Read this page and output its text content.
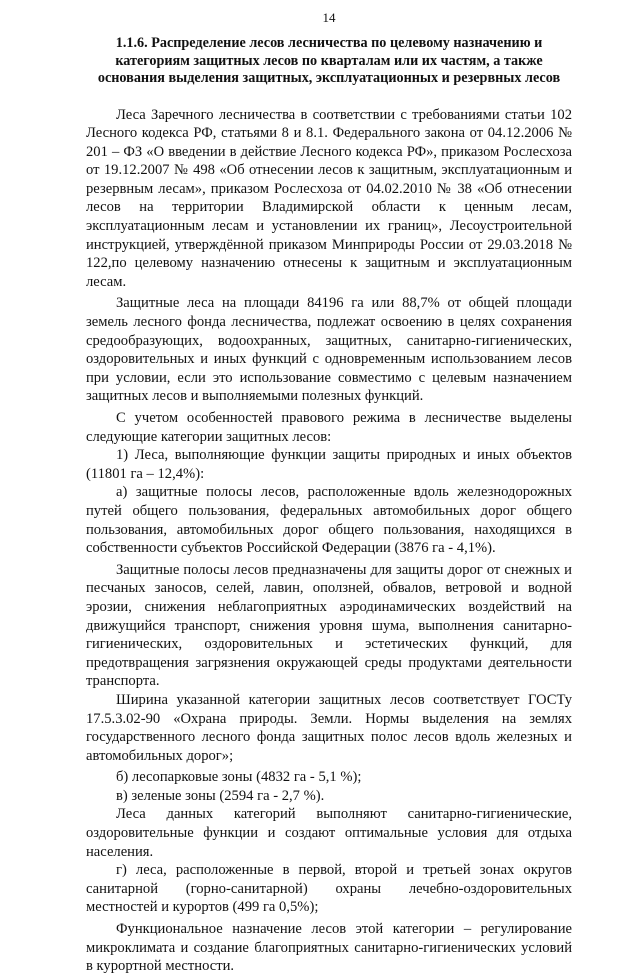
14
1.1.6. Распределение лесов лесничества по целевому назначению и категориям защитных лесов по кварталам или их частям, а также основания выделения защитных, эксплуатационных и резервных лесов

Леса Заречного лесничества в соответствии с требованиями статьи 102 Лесного кодекса РФ, статьями 8 и 8.1. Федерального закона от 04.12.2006 № 201 – ФЗ «О введении в действие Лесного кодекса РФ», приказом Рослесхоза от 19.12.2007 № 498 «Об отнесении лесов к защитным, эксплуатационным и резервным лесам», приказом Рослесхоза от 04.02.2010 № 38 «Об отнесении лесов на территории Владимирской области к ценным лесам, эксплуатационным лесам и установлении их границ», Лесоустроительной инструкцией, утверждённой приказом Минприроды России от 29.03.2018 № 122,по целевому назначению отнесены к защитным и эксплуатационным лесам.

Защитные леса на площади 84196 га или 88,7% от общей площади земель лесного фонда лесничества, подлежат освоению в целях сохранения средообразующих, водоохранных, защитных, санитарно-гигиенических, оздоровительных и иных функций с одновременным использованием лесов при условии, если это использование совместимо с целевым назначением защитных лесов и выполняемыми полезных функций.

С учетом особенностей правового режима в лесничестве выделены следующие категории защитных лесов:

1) Леса, выполняющие функции защиты природных и иных объектов (11801 га – 12,4%):

а) защитные полосы лесов, расположенные вдоль железнодорожных путей общего пользования, федеральных автомобильных дорог общего пользования, автомобильных дорог общего пользования, находящихся в собственности субъектов Российской Федерации (3876 га - 4,1%).

Защитные полосы лесов предназначены для защиты дорог от снежных и песчаных заносов, селей, лавин, оползней, обвалов, ветровой и водной эрозии, снижения неблагоприятных аэродинамических воздействий на движущийся транспорт, снижения уровня шума, выполнения санитарно-гигиенических, оздоровительных и эстетических функций, для предотвращения загрязнения окружающей среды продуктами деятельности транспорта.

Ширина указанной категории защитных лесов соответствует ГОСТу 17.5.3.02-90 «Охрана природы. Земли. Нормы выделения на землях государственного лесного фонда защитных полос лесов вдоль железных и автомобильных дорог»;

б) лесопарковые зоны (4832 га - 5,1 %);

в) зеленые зоны (2594 га - 2,7 %).

Леса данных категорий выполняют санитарно-гигиенические, оздоровительные функции и создают оптимальные условия для отдыха населения.

г) леса, расположенные в первой, второй и третьей зонах округов санитарной (горно-санитарной) охраны лечебно-оздоровительных местностей и курортов (499 га 0,5%);

Функциональное назначение лесов этой категории – регулирование микроклимата и создание благоприятных санитарно-гигиенических условий в курортной местности.
